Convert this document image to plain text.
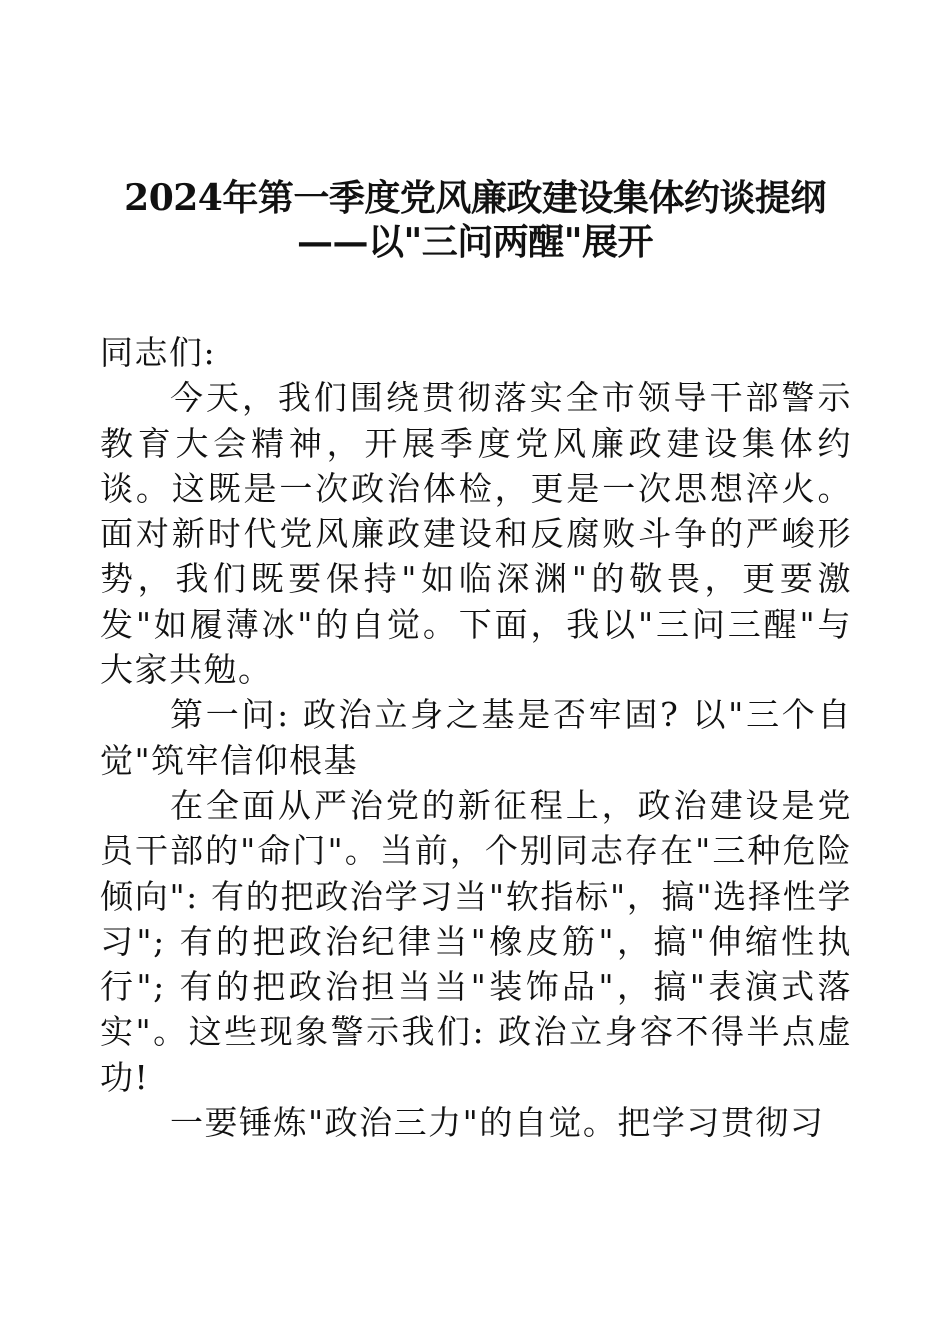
2024年第一季度党风廉政建设集体约谈提纲
——以"三问两醒"展开

同志们:

今天，我们围绕贯彻落实全市领导干部警示教育大会精神，开展季度党风廉政建设集体约谈。这既是一次政治体检，更是一次思想淬火。面对新时代党风廉政建设和反腐败斗争的严峻形势，我们既要保持"如临深渊"的敬畏，更要激发"如履薄冰"的自觉。下面，我以"三问三醒"与大家共勉。

第一问: 政治立身之基是否牢固? 以"三个自觉"筑牢信仰根基

在全面从严治党的新征程上，政治建设是党员干部的"命门"。当前，个别同志存在"三种危险倾向": 有的把政治学习当"软指标"，搞"选择性学习"; 有的把政治纪律当"橡皮筋"，搞"伸缩性执行"; 有的把政治担当当"装饰品"，搞"表演式落实"。这些现象警示我们: 政治立身容不得半点虚功!

一要锤炼"政治三力"的自觉。把学习贯彻习
